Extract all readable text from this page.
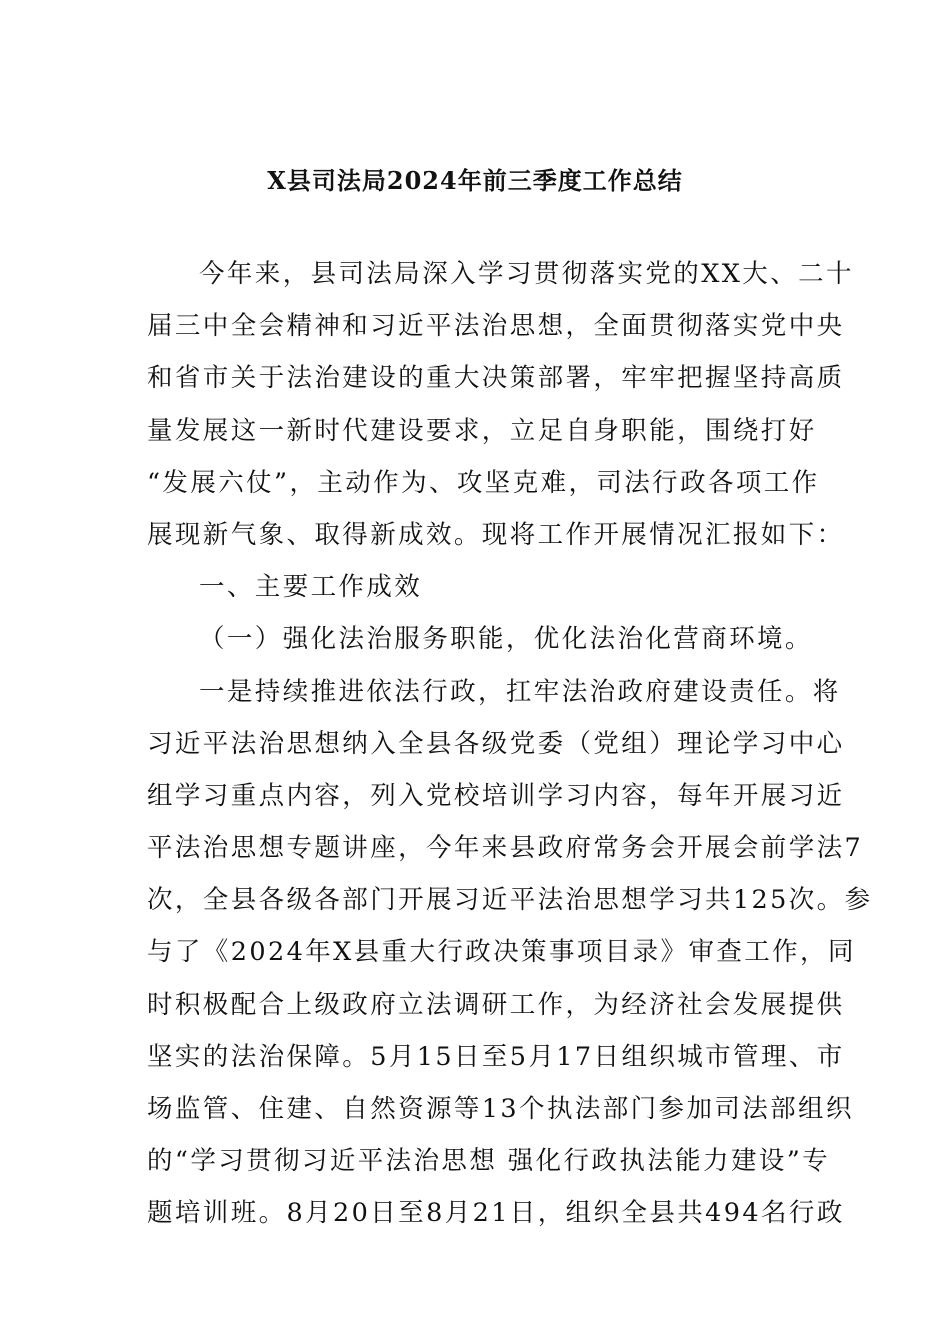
X县司法局2024年前三季度工作总结
今年来，县司法局深入学习贯彻落实党的XX大、二十
届三中全会精神和习近平法治思想，全面贯彻落实党中央
和省市关于法治建设的重大决策部署，牢牢把握坚持高质
量发展这一新时代建设要求，立足自身职能，围绕打好
“发展六仗”，主动作为、攻坚克难，司法行政各项工作
展现新气象、取得新成效。现将工作开展情况汇报如下：
一、主要工作成效
（一）强化法治服务职能，优化法治化营商环境。
一是持续推进依法行政，扛牢法治政府建设责任。将
习近平法治思想纳入全县各级党委（党组）理论学习中心
组学习重点内容，列入党校培训学习内容，每年开展习近
平法治思想专题讲座，今年来县政府常务会开展会前学法7
次，全县各级各部门开展习近平法治思想学习共125次。参
与了《2024年X县重大行政决策事项目录》审查工作，同
时积极配合上级政府立法调研工作，为经济社会发展提供
坚实的法治保障。5月15日至5月17日组织城市管理、市
场监管、住建、自然资源等13个执法部门参加司法部组织
的“学习贯彻习近平法治思想 强化行政执法能力建设”专
题培训班。8月20日至8月21日，组织全县共494名行政
